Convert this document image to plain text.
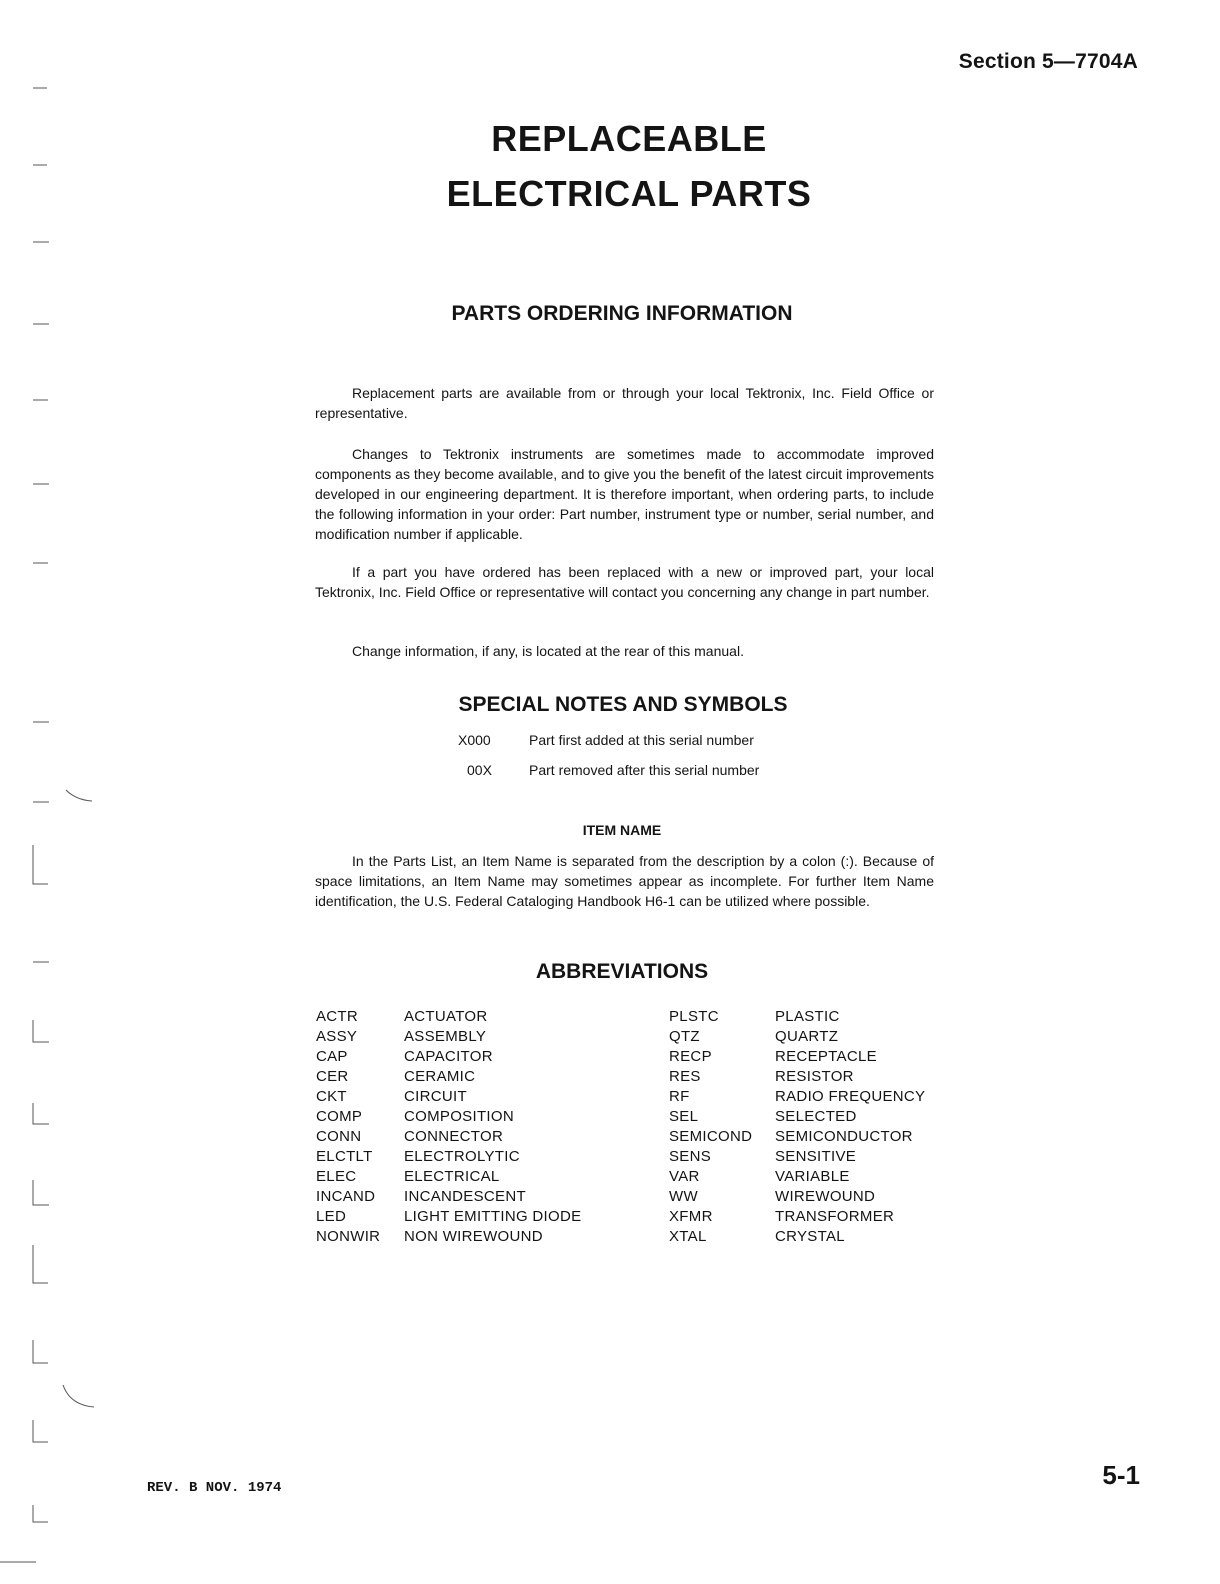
Section 5—7704A
REPLACEABLE
ELECTRICAL PARTS
PARTS ORDERING INFORMATION
Replacement parts are available from or through your local Tektronix, Inc. Field Office or representative.
Changes to Tektronix instruments are sometimes made to accommodate improved components as they become available, and to give you the benefit of the latest circuit improvements developed in our engineering department. It is therefore important, when ordering parts, to include the following information in your order: Part number, instrument type or number, serial number, and modification number if applicable.
If a part you have ordered has been replaced with a new or improved part, your local Tektronix, Inc. Field Office or representative will contact you concerning any change in part number.
Change information, if any, is located at the rear of this manual.
SPECIAL NOTES AND SYMBOLS
X000	Part first added at this serial number
00X	Part removed after this serial number
ITEM NAME
In the Parts List, an Item Name is separated from the description by a colon (:). Because of space limitations, an Item Name may sometimes appear as incomplete. For further Item Name identification, the U.S. Federal Cataloging Handbook H6-1 can be utilized where possible.
ABBREVIATIONS
ACTR	ACTUATOR
ASSY	ASSEMBLY
CAP	CAPACITOR
CER	CERAMIC
CKT	CIRCUIT
COMP	COMPOSITION
CONN	CONNECTOR
ELCTLT ELECTROLYTIC
ELEC	ELECTRICAL
INCAND INCANDESCENT
LED	LIGHT EMITTING DIODE
NONWIR NON WIREWOUND
PLSTC	PLASTIC
QTZ	QUARTZ
RECP	RECEPTACLE
RES	RESISTOR
RF	RADIO FREQUENCY
SEL	SELECTED
SEMICOND SEMICONDUCTOR
SENS	SENSITIVE
VAR	VARIABLE
WW	WIREWOUND
XFMR	TRANSFORMER
XTAL	CRYSTAL
REV. B NOV. 1974	5-1
